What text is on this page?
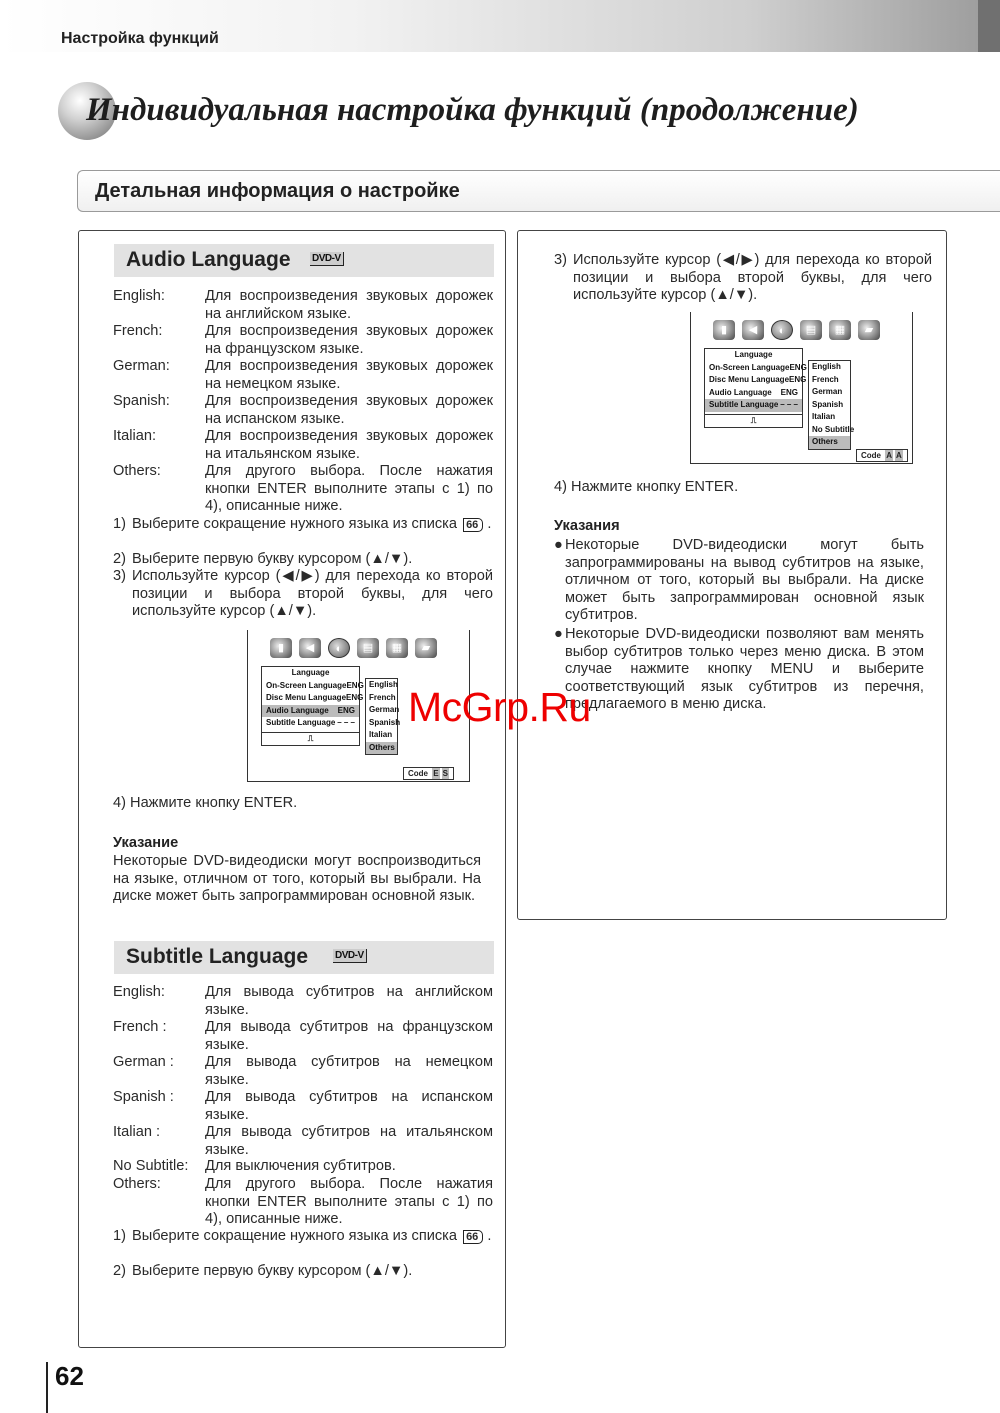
Настройка функций
Индивидуальная настройка функций (продолжение)
Детальная информация о настройке
Audio Language DVD-V
English:	Для воспроизведения звуковых дорожек на английском языке.
French:	Для воспроизведения звуковых дорожек на французском языке.
German: Для воспроизведения звуковых дорожек на немецком языке.
Spanish: Для воспроизведения звуковых дорожек на испанском языке.
Italian:	Для воспроизведения звуковых дорожек на итальянском языке.
Others:	Для другого выбора. После нажатия кнопки ENTER выполните этапы с 1) по 4), описанные ниже.
1) Выберите сокращение нужного языка из списка 66 .
2) Выберите первую букву курсором (▲/▼).
3) Используйте курсор (◀/▶) для перехода ко второй позиции и выбора второй буквы, для чего используйте курсор (▲/▼).
▮	◀	◐	▤	▦	▰
Language
On-Screen Language ENG
Disc Menu Language ENG
Audio Language ENG
Subtitle Language – – –
⎍
English
French
German
Spanish
Italian
Others
Code E S
4) Нажмите кнопку ENTER.
Указание
Некоторые DVD-видеодиски могут воспроизводиться на языке, отличном от того, который вы выбрали. На диске может быть запрограммирован основной язык.
Subtitle Language	DVD-V
English:	Для вывода субтитров на английском языке.
French :	Для вывода субтитров на французском языке.
German : Для вывода субтитров на немецком языке.
Spanish : Для вывода субтитров на испанском языке.
Italian :	Для вывода субтитров на итальянском языке.
No Subtitle: Для выключения субтитров.
Others:	Для другого выбора. После нажатия кнопки ENTER выполните этапы с 1) по 4), описанные ниже.
1) Выберите сокращение нужного языка из списка 66 .
2) Выберите первую букву курсором (▲/▼).
3) Используйте курсор (◀/▶) для перехода ко второй позиции и выбора второй буквы, для чего используйте курсор (▲/▼).
▮	◀	◐	▤	▦	▰
Language
On-Screen Language ENG
Disc Menu Language ENG
Audio Language ENG
Subtitle Language – – –
⎍
English
French
German
Spanish
Italian
No Subtitle
Others
Code A A
4) Нажмите кнопку ENTER.
Указания
● Некоторые DVD-видеодиски могут быть запрограммированы на вывод субтитров на языке, отличном от того, который вы выбрали. На диске может быть запрограммирован основной язык субтитров.
● Некоторые DVD-видеодиски позволяют вам менять выбор субтитров только через меню диска. В этом случае нажмите кнопку MENU и выберите соответствующий язык субтитров из перечня, предлагаемого в меню диска.
McGrp.Ru
62
